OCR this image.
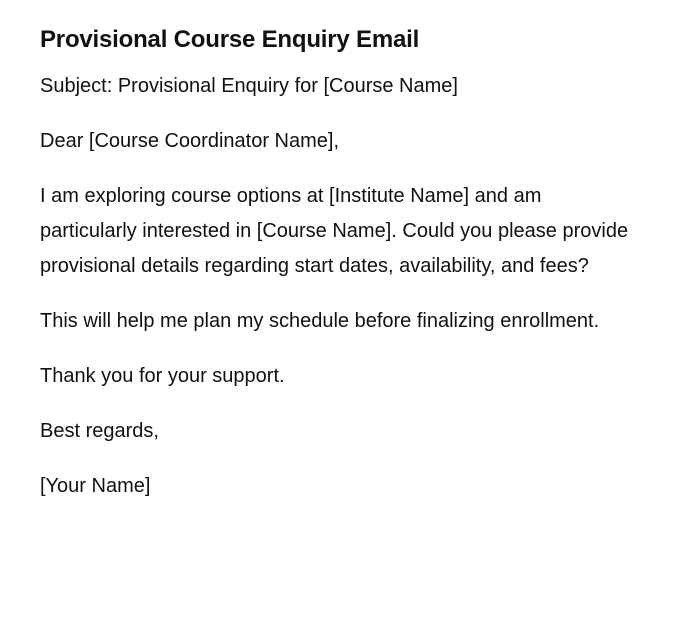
Provisional Course Enquiry Email

Subject: Provisional Enquiry for [Course Name]

Dear [Course Coordinator Name],

I am exploring course options at [Institute Name] and am particularly interested in [Course Name]. Could you please provide provisional details regarding start dates, availability, and fees?

This will help me plan my schedule before finalizing enrollment.

Thank you for your support.

Best regards,

[Your Name]
